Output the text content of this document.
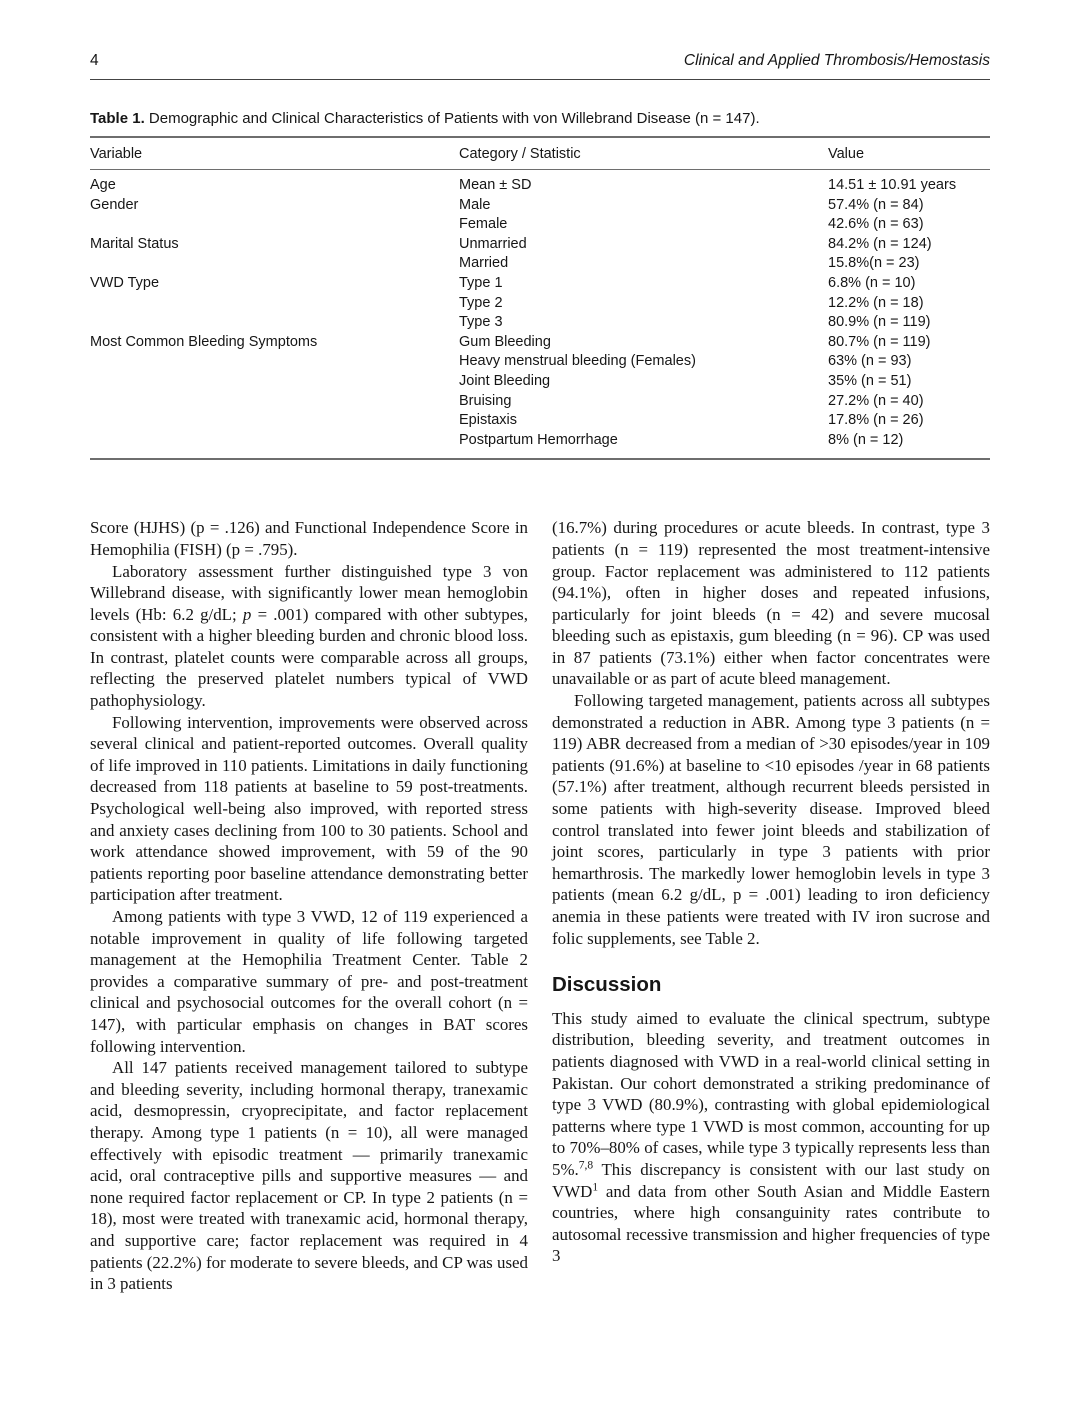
4	Clinical and Applied Thrombosis/Hemostasis

Table 1. Demographic and Clinical Characteristics of Patients with von Willebrand Disease (n = 147).

Variable	Category / Statistic	Value
Age	Mean ± SD	14.51 ± 10.91 years
Gender	Male	57.4% (n = 84)
	Female	42.6% (n = 63)
Marital Status	Unmarried	84.2% (n = 124)
	Married	15.8%(n = 23)
VWD Type	Type 1	6.8% (n = 10)
	Type 2	12.2% (n = 18)
	Type 3	80.9% (n = 119)
Most Common Bleeding Symptoms	Gum Bleeding	80.7% (n = 119)
	Heavy menstrual bleeding (Females)	63% (n = 93)
	Joint Bleeding	35% (n = 51)
	Bruising	27.2% (n = 40)
	Epistaxis	17.8% (n = 26)
	Postpartum Hemorrhage	8% (n = 12)

Score (HJHS) (p = .126) and Functional Independence Score in Hemophilia (FISH) (p = .795).

Laboratory assessment further distinguished type 3 von Willebrand disease, with significantly lower mean hemoglobin levels (Hb: 6.2 g/dL; p = .001) compared with other subtypes, consistent with a higher bleeding burden and chronic blood loss. In contrast, platelet counts were comparable across all groups, reflecting the preserved platelet numbers typical of VWD pathophysiology.

Following intervention, improvements were observed across several clinical and patient-reported outcomes. Overall quality of life improved in 110 patients. Limitations in daily functioning decreased from 118 patients at baseline to 59 post-treatments. Psychological well-being also improved, with reported stress and anxiety cases declining from 100 to 30 patients. School and work attendance showed improvement, with 59 of the 90 patients reporting poor baseline attendance demonstrating better participation after treatment.

Among patients with type 3 VWD, 12 of 119 experienced a notable improvement in quality of life following targeted management at the Hemophilia Treatment Center. Table 2 provides a comparative summary of pre- and post-treatment clinical and psychosocial outcomes for the overall cohort (n = 147), with particular emphasis on changes in BAT scores following intervention.

All 147 patients received management tailored to subtype and bleeding severity, including hormonal therapy, tranexamic acid, desmopressin, cryoprecipitate, and factor replacement therapy. Among type 1 patients (n = 10), all were managed effectively with episodic treatment — primarily tranexamic acid, oral contraceptive pills and supportive measures — and none required factor replacement or CP. In type 2 patients (n = 18), most were treated with tranexamic acid, hormonal therapy, and supportive care; factor replacement was required in 4 patients (22.2%) for moderate to severe bleeds, and CP was used in 3 patients

(16.7%) during procedures or acute bleeds. In contrast, type 3 patients (n = 119) represented the most treatment-intensive group. Factor replacement was administered to 112 patients (94.1%), often in higher doses and repeated infusions, particularly for joint bleeds (n = 42) and severe mucosal bleeding such as epistaxis, gum bleeding (n = 96). CP was used in 87 patients (73.1%) either when factor concentrates were unavailable or as part of acute bleed management.

Following targeted management, patients across all subtypes demonstrated a reduction in ABR. Among type 3 patients (n = 119) ABR decreased from a median of >30 episodes/year in 109 patients (91.6%) at baseline to <10 episodes /year in 68 patients (57.1%) after treatment, although recurrent bleeds persisted in some patients with high-severity disease. Improved bleed control translated into fewer joint bleeds and stabilization of joint scores, particularly in type 3 patients with prior hemarthrosis. The markedly lower hemoglobin levels in type 3 patients (mean 6.2 g/dL, p = .001) leading to iron deficiency anemia in these patients were treated with IV iron sucrose and folic supplements, see Table 2.

Discussion

This study aimed to evaluate the clinical spectrum, subtype distribution, bleeding severity, and treatment outcomes in patients diagnosed with VWD in a real-world clinical setting in Pakistan. Our cohort demonstrated a striking predominance of type 3 VWD (80.9%), contrasting with global epidemiological patterns where type 1 VWD is most common, accounting for up to 70%–80% of cases, while type 3 typically represents less than 5%.$^{7,8}$ This discrepancy is consistent with our last study on VWD$^1$ and data from other South Asian and Middle Eastern countries, where high consanguinity rates contribute to autosomal recessive transmission and higher frequencies of type 3
